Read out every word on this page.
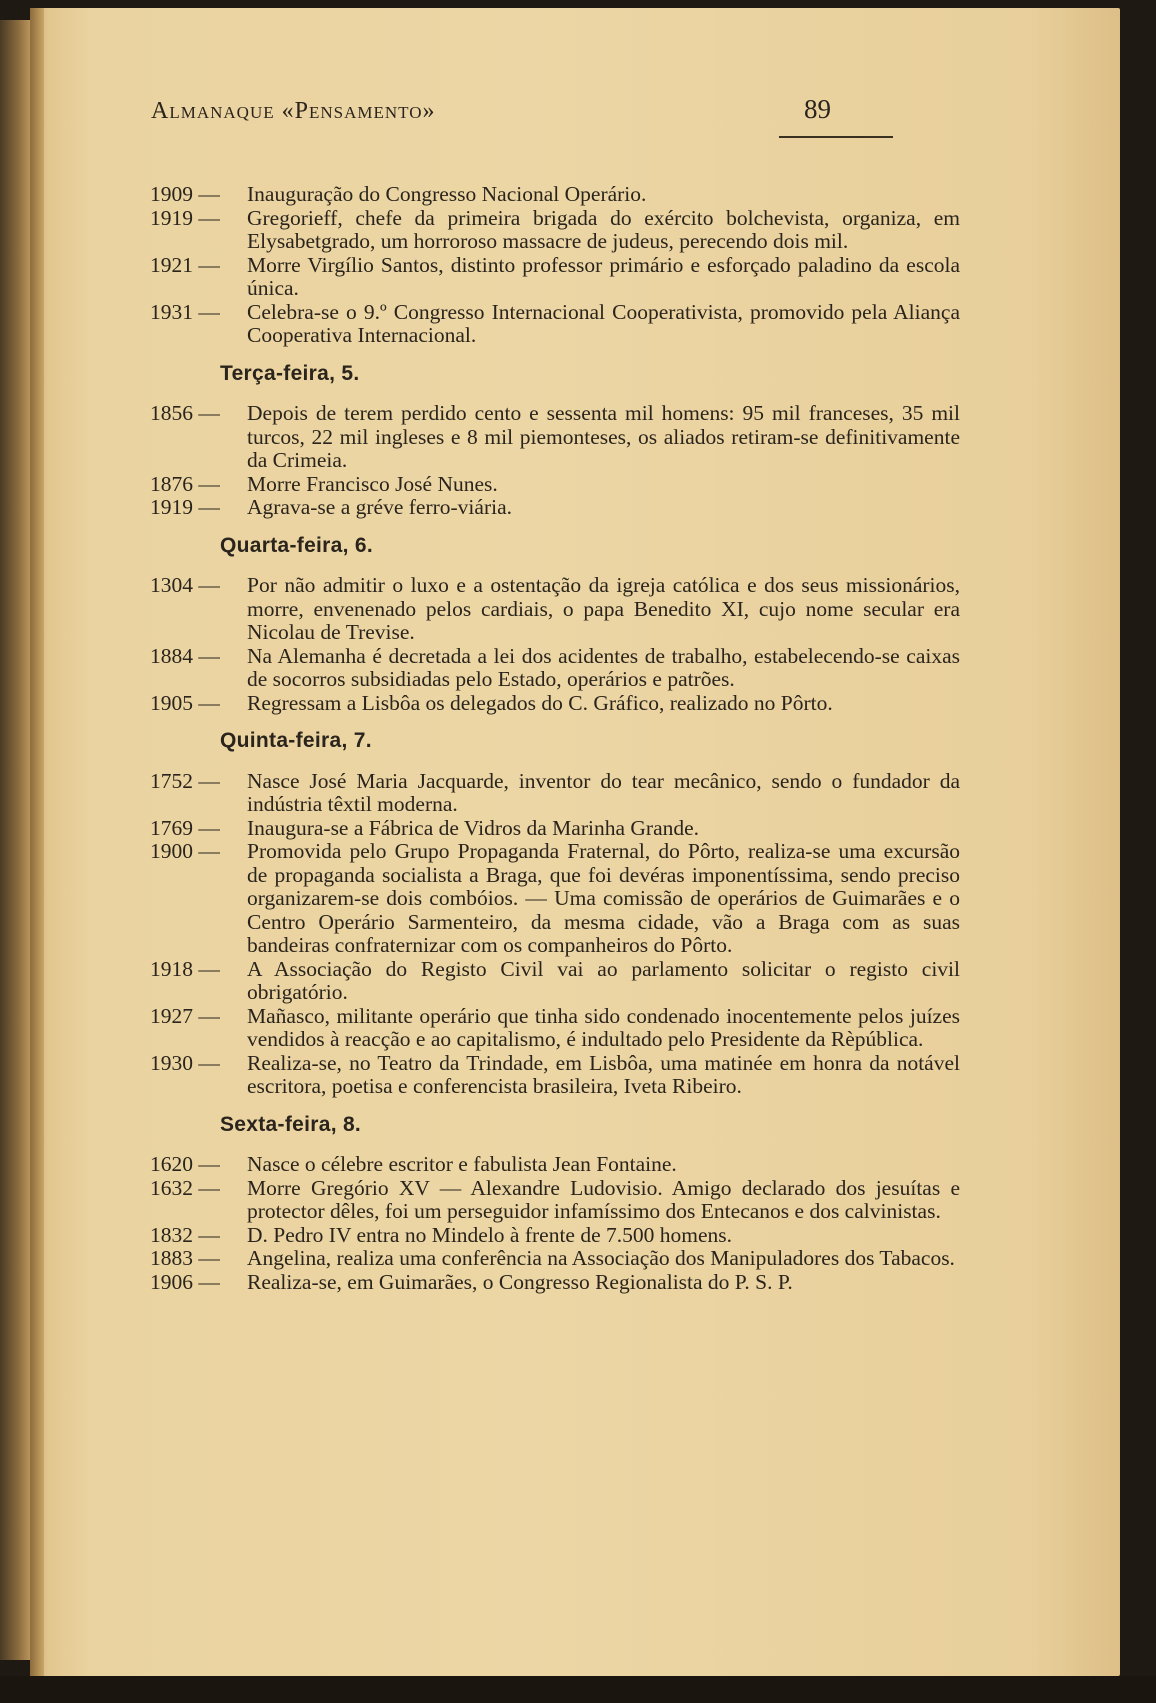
Almanaque «Pensamento»	89

1909 —	Inauguração do Congresso Nacional Operário.

1919 —	Gregorieff, chefe da primeira brigada do exército bolchevista, organiza, em Elysabetgrado, um horroroso massacre de judeus, perecendo dois mil.

1921 —	Morre Virgílio Santos, distinto professor primário e esforçado paladino da escola única.

1931 —	Celebra-se o 9.º Congresso Internacional Cooperativista, promovido pela Aliança Cooperativa Internacional.

Terça-feira, 5.

1856 —	Depois de terem perdido cento e sessenta mil homens: 95 mil franceses, 35 mil turcos, 22 mil ingleses e 8 mil piemonteses, os aliados retiram-se definitivamente da Crimeia.

1876 —	Morre Francisco José Nunes.

1919 —	Agrava-se a gréve ferro-viária.

Quarta-feira, 6.

1304 —	Por não admitir o luxo e a ostentação da igreja católica e dos seus missionários, morre, envenenado pelos cardiais, o papa Benedito XI, cujo nome secular era Nicolau de Trevise.

1884 —	Na Alemanha é decretada a lei dos acidentes de trabalho, estabelecendo-se caixas de socorros subsidiadas pelo Estado, operários e patrões.

1905 —	Regressam a Lisbôa os delegados do C. Gráfico, realizado no Pôrto.

Quinta-feira, 7.

1752 —	Nasce José Maria Jacquarde, inventor do tear mecânico, sendo o fundador da indústria têxtil moderna.

1769 —	Inaugura-se a Fábrica de Vidros da Marinha Grande.

1900 —	Promovida pelo Grupo Propaganda Fraternal, do Pôrto, realiza-se uma excursão de propaganda socialista a Braga, que foi devéras imponentíssima, sendo preciso organizarem-se dois combóios. — Uma comissão de operários de Guimarães e o Centro Operário Sarmenteiro, da mesma cidade, vão a Braga com as suas bandeiras confraternizar com os companheiros do Pôrto.

1918 —	A Associação do Registo Civil vai ao parlamento solicitar o registo civil obrigatório.

1927 —	Mañasco, militante operário que tinha sido condenado inocentemente pelos juízes vendidos à reacção e ao capitalismo, é indultado pelo Presidente da Rèpública.

1930 —	Realiza-se, no Teatro da Trindade, em Lisbôa, uma matinée em honra da notável escritora, poetisa e conferencista brasileira, Iveta Ribeiro.

Sexta-feira, 8.

1620 —	Nasce o célebre escritor e fabulista Jean Fontaine.

1632 —	Morre Gregório XV — Alexandre Ludovisio. Amigo declarado dos jesuítas e protector dêles, foi um perseguidor infamíssimo dos Entecanos e dos calvinistas.

1832 —	D. Pedro IV entra no Mindelo à frente de 7.500 homens.

1883 —	Angelina, realiza uma conferência na Associação dos Manipuladores dos Tabacos.

1906 —	Realiza-se, em Guimarães, o Congresso Regionalista do P. S. P.
